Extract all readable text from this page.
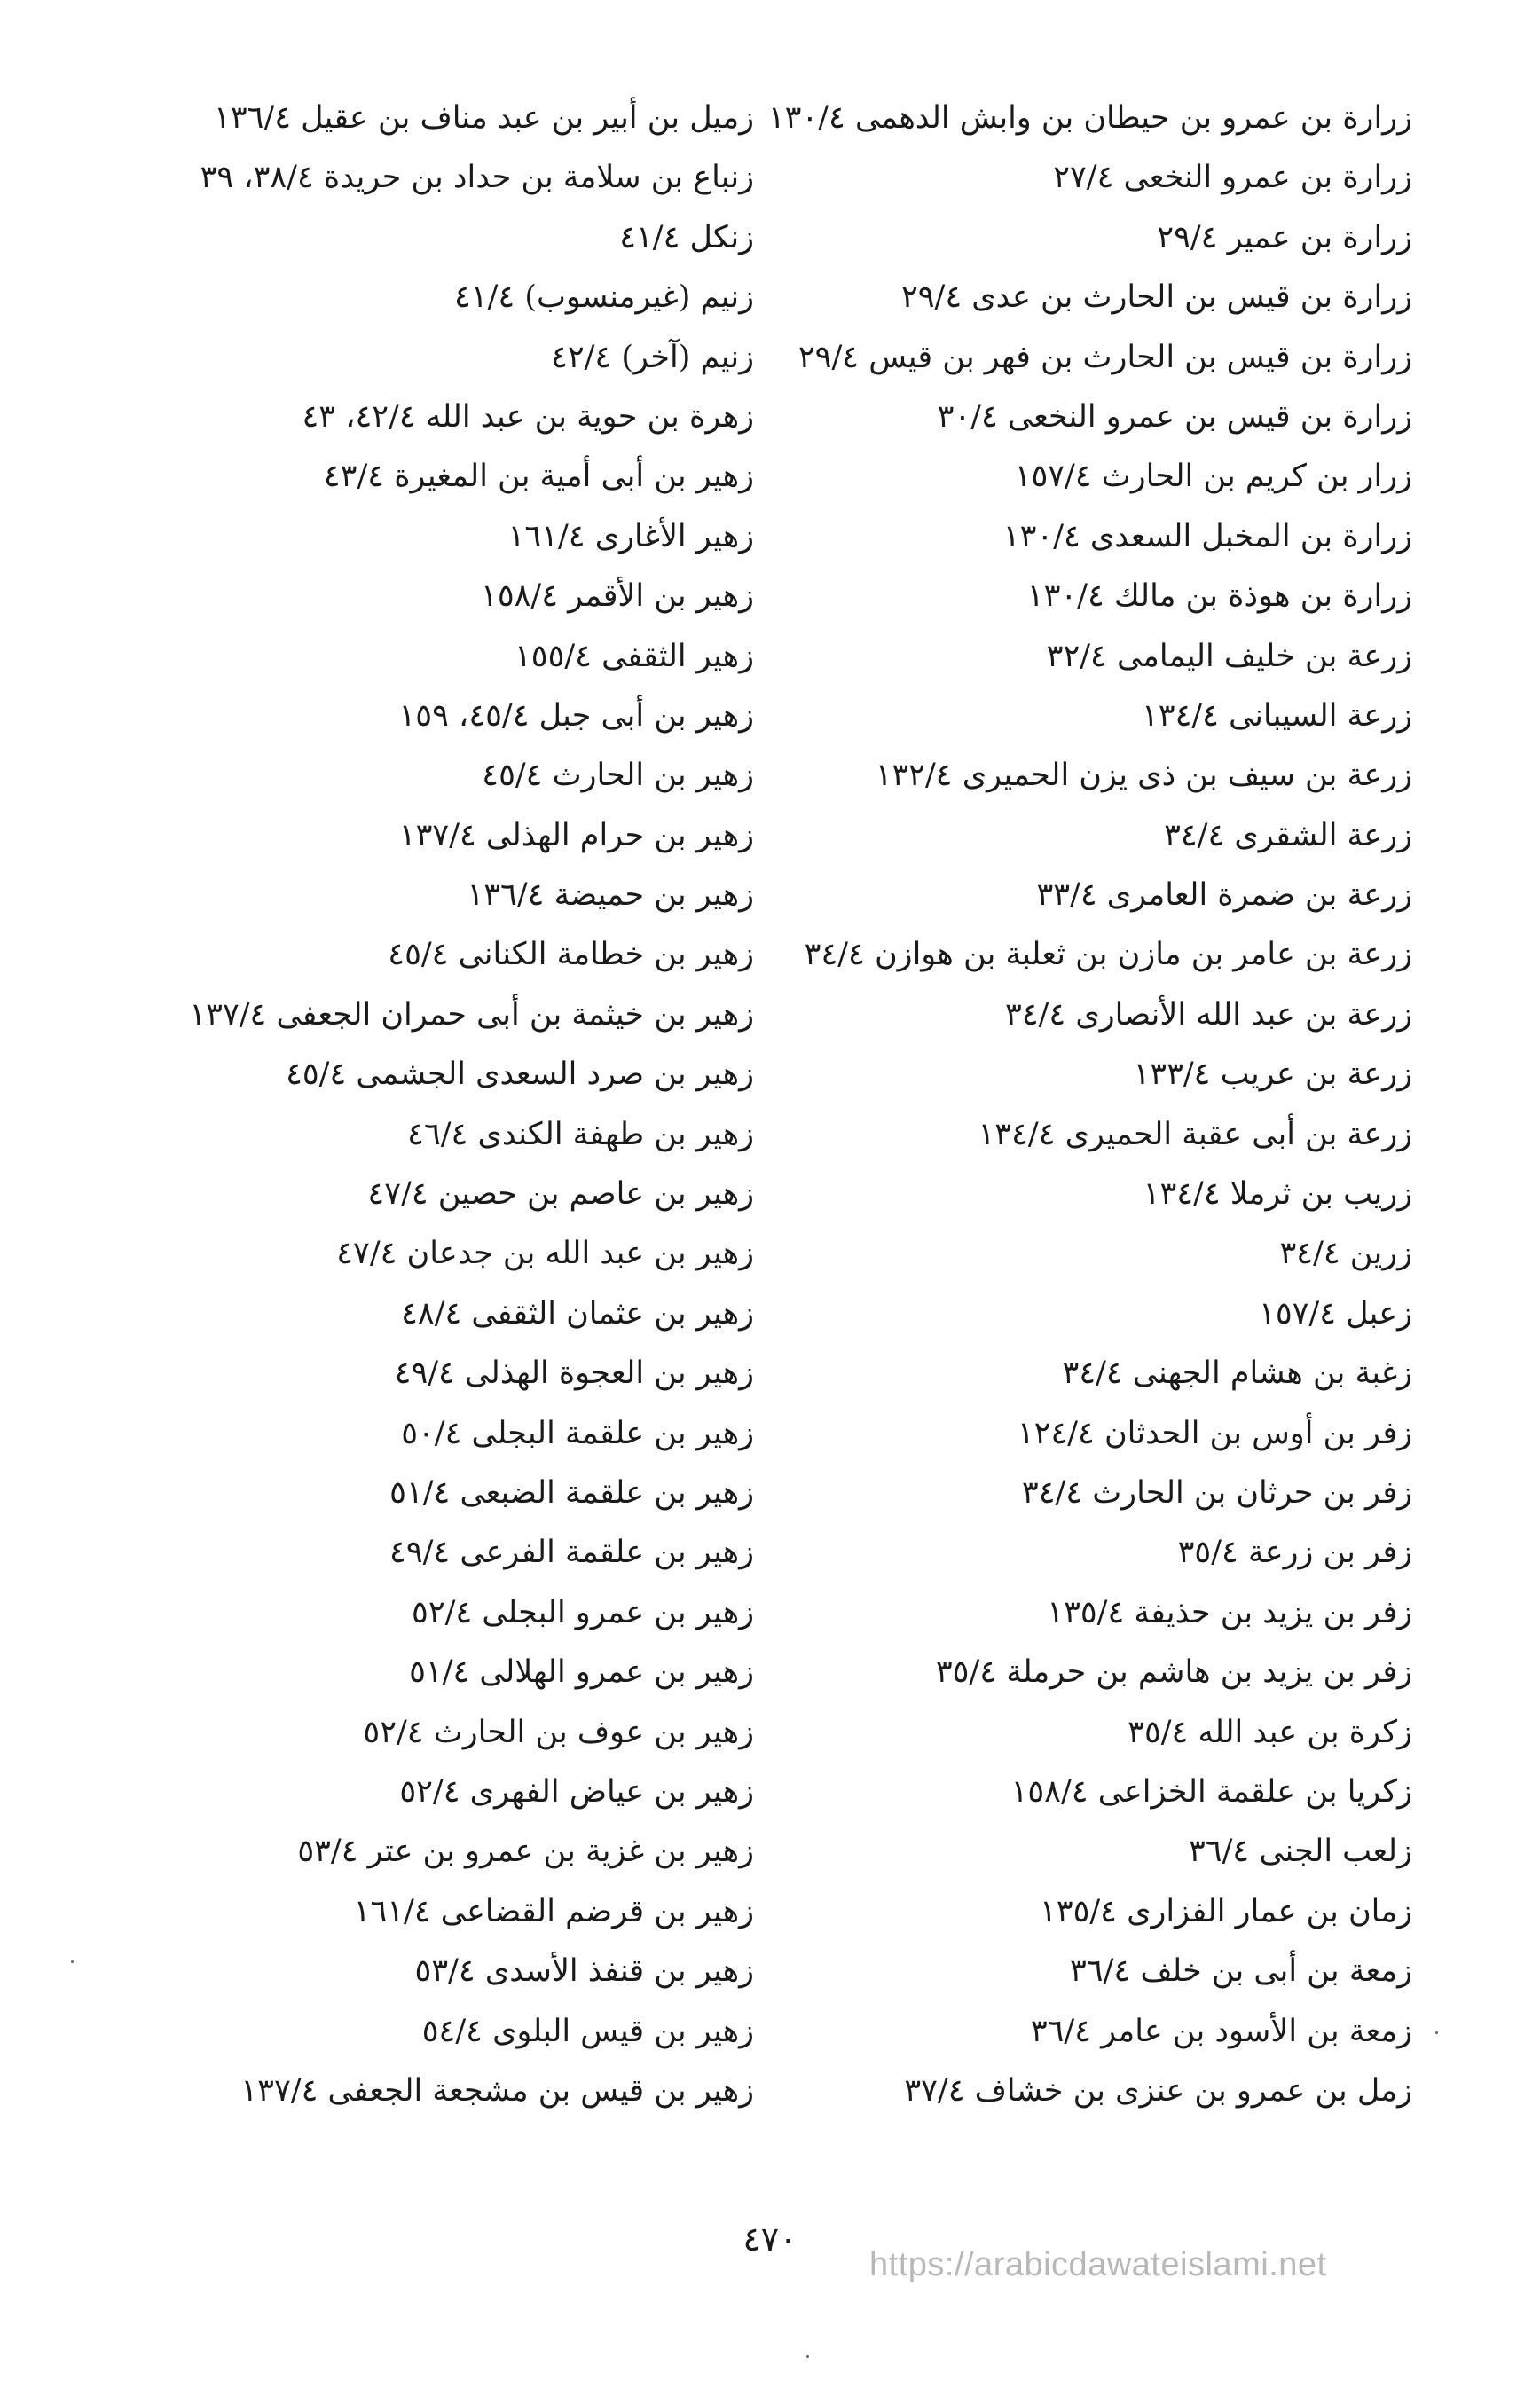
زرارة بن عمرو بن حيطان بن وابش الدهمى ١٣٠/٤
زرارة بن عمرو النخعى ٢٧/٤
زرارة بن عمير ٢٩/٤
زرارة بن قيس بن الحارث بن عدى ٢٩/٤
زرارة بن قيس بن الحارث بن فهر بن قيس ٢٩/٤
زرارة بن قيس بن عمرو النخعى ٣٠/٤
زرار بن كريم بن الحارث ١٥٧/٤
زرارة بن المخبل السعدى ١٣٠/٤
زرارة بن هوذة بن مالك ١٣٠/٤
زرعة بن خليف اليمامى ٣٢/٤
زرعة السيبانى ١٣٤/٤
زرعة بن سيف بن ذى يزن الحميرى ١٣٢/٤
زرعة الشقرى ٣٤/٤
زرعة بن ضمرة العامرى ٣٣/٤
زرعة بن عامر بن مازن بن ثعلبة بن هوازن ٣٤/٤
زرعة بن عبد الله الأنصارى ٣٤/٤
زرعة بن عريب ١٣٣/٤
زرعة بن أبى عقبة الحميرى ١٣٤/٤
زريب بن ثرملا ١٣٤/٤
زرين ٣٤/٤
زعبل ١٥٧/٤
زغبة بن هشام الجهنى ٣٤/٤
زفر بن أوس بن الحدثان ١٢٤/٤
زفر بن حرثان بن الحارث ٣٤/٤
زفر بن زرعة ٣٥/٤
زفر بن يزيد بن حذيفة ١٣٥/٤
زفر بن يزيد بن هاشم بن حرملة ٣٥/٤
زكرة بن عبد الله ٣٥/٤
زكريا بن علقمة الخزاعى ١٥٨/٤
زلعب الجنى ٣٦/٤
زمان بن عمار الفزارى ١٣٥/٤
زمعة بن أبى بن خلف ٣٦/٤
زمعة بن الأسود بن عامر ٣٦/٤
زمل بن عمرو بن عنزى بن خشاف ٣٧/٤
زميل بن أبير بن عبد مناف بن عقيل ١٣٦/٤
زنباع بن سلامة بن حداد بن حريدة ٣٨/٤، ٣٩
زنكل ٤١/٤
زنيم (غيرمنسوب) ٤١/٤
زنيم (آخر) ٤٢/٤
زهرة بن حوية بن عبد الله ٤٢/٤، ٤٣
زهير بن أبى أمية بن المغيرة ٤٣/٤
زهير الأغارى ١٦١/٤
زهير بن الأقمر ١٥٨/٤
زهير الثقفى ١٥٥/٤
زهير بن أبى جبل ٤٥/٤، ١٥٩
زهير بن الحارث ٤٥/٤
زهير بن حرام الهذلى ١٣٧/٤
زهير بن حميضة ١٣٦/٤
زهير بن خطامة الكنانى ٤٥/٤
زهير بن خيثمة بن أبى حمران الجعفى ١٣٧/٤
زهير بن صرد السعدى الجشمى ٤٥/٤
زهير بن طهفة الكندى ٤٦/٤
زهير بن عاصم بن حصين ٤٧/٤
زهير بن عبد الله بن جدعان ٤٧/٤
زهير بن عثمان الثقفى ٤٨/٤
زهير بن العجوة الهذلى ٤٩/٤
زهير بن علقمة البجلى ٥٠/٤
زهير بن علقمة الضبعى ٥١/٤
زهير بن علقمة الفرعى ٤٩/٤
زهير بن عمرو البجلى ٥٢/٤
زهير بن عمرو الهلالى ٥١/٤
زهير بن عوف بن الحارث ٥٢/٤
زهير بن عياض الفهرى ٥٢/٤
زهير بن غزية بن عمرو بن عتر ٥٣/٤
زهير بن قرضم القضاعى ١٦١/٤
زهير بن قنفذ الأسدى ٥٣/٤
زهير بن قيس البلوى ٥٤/٤
زهير بن قيس بن مشجعة الجعفى ١٣٧/٤
٤٧٠
https://arabicdawateislami.net
